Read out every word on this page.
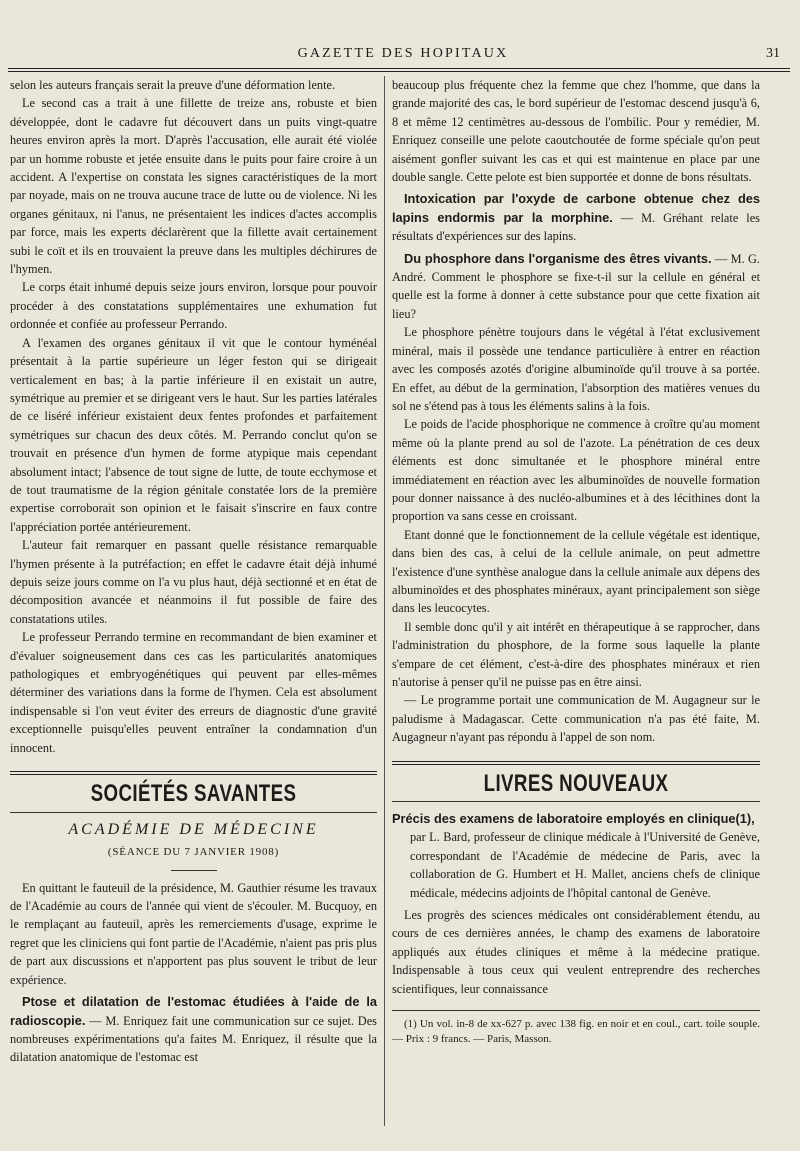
GAZETTE DES HOPITAUX	31

selon les auteurs français serait la preuve d'une déformation lente.

Le second cas a trait à une fillette de treize ans, robuste et bien développée, dont le cadavre fut découvert dans un puits vingt-quatre heures environ après la mort. D'après l'accusation, elle aurait été violée par un homme robuste et jetée ensuite dans le puits pour faire croire à un accident. A l'expertise on constata les signes caractéristiques de la mort par noyade, mais on ne trouva aucune trace de lutte ou de violence. Ni les organes génitaux, ni l'anus, ne présentaient les indices d'actes accomplis par force, mais les experts déclarèrent que la fillette avait certainement subi le coït et ils en trouvaient la preuve dans les multiples déchirures de l'hymen.

Le corps était inhumé depuis seize jours environ, lorsque pour pouvoir procéder à des constatations supplémentaires une exhumation fut ordonnée et confiée au professeur Perrando.

A l'examen des organes génitaux il vit que le contour hyménéal présentait à la partie supérieure un léger feston qui se dirigeait verticalement en bas; à la partie inférieure il en existait un autre, symétrique au premier et se dirigeant vers le haut. Sur les parties latérales de ce liséré inférieur existaient deux fentes profondes et parfaitement symétriques sur chacun des deux côtés. M. Perrando conclut qu'on se trouvait en présence d'un hymen de forme atypique mais cependant absolument intact; l'absence de tout signe de lutte, de toute ecchymose et de tout traumatisme de la région génitale constatée lors de la première expertise corroborait son opinion et le faisait s'inscrire en faux contre l'appréciation portée antérieurement.

L'auteur fait remarquer en passant quelle résistance remarquable l'hymen présente à la putréfaction; en effet le cadavre était déjà inhumé depuis seize jours comme on l'a vu plus haut, déjà sectionné et en état de décomposition avancée et néanmoins il fut possible de faire des constatations utiles.

Le professeur Perrando termine en recommandant de bien examiner et d'évaluer soigneusement dans ces cas les particularités anatomiques pathologiques et embryogénétiques qui peuvent par elles-mêmes déterminer des variations dans la forme de l'hymen. Cela est absolument indispensable si l'on veut éviter des erreurs de diagnostic d'une gravité exceptionnelle puisqu'elles peuvent entraîner la condamnation d'un innocent.

SOCIÉTÉS SAVANTES
ACADÉMIE DE MÉDECINE
(SÉANCE DU 7 JANVIER 1908)

En quittant le fauteuil de la présidence, M. Gauthier résume les travaux de l'Académie au cours de l'année qui vient de s'écouler. M. Bucquoy, en le remplaçant au fauteuil, après les remerciements d'usage, exprime le regret que les cliniciens qui font partie de l'Académie, n'aient pas pris plus de part aux discussions et n'apportent pas plus souvent le tribut de leur expérience.

Ptose et dilatation de l'estomac étudiées à l'aide de la radioscopie. — M. Enriquez fait une communication sur ce sujet. Des nombreuses expérimentations qu'a faites M. Enriquez, il résulte que la dilatation anatomique de l'estomac est

beaucoup plus fréquente chez la femme que chez l'homme, que dans la grande majorité des cas, le bord supérieur de l'estomac descend jusqu'à 6, 8 et même 12 centimètres au-dessous de l'ombilic. Pour y remédier, M. Enriquez conseille une pelote caoutchoutée de forme spéciale qu'on peut aisément gonfler suivant les cas et qui est maintenue en place par une double sangle. Cette pelote est bien supportée et donne de bons résultats.

Intoxication par l'oxyde de carbone obtenue chez des lapins endormis par la morphine. — M. Gréhant relate les résultats d'expériences sur des lapins.

Du phosphore dans l'organisme des êtres vivants. — M. G. André. Comment le phosphore se fixe-t-il sur la cellule en général et quelle est la forme à donner à cette substance pour que cette fixation ait lieu?

Le phosphore pénètre toujours dans le végétal à l'état exclusivement minéral, mais il possède une tendance particulière à entrer en réaction avec les composés azotés d'origine albuminoïde qu'il trouve à sa portée. En effet, au début de la germination, l'absorption des matières venues du sol ne s'étend pas à tous les éléments salins à la fois.

Le poids de l'acide phosphorique ne commence à croître qu'au moment même où la plante prend au sol de l'azote. La pénétration de ces deux éléments est donc simultanée et le phosphore minéral entre immédiatement en réaction avec les albuminoïdes de nouvelle formation pour donner naissance à des nucléo-albumines et à des lécithines dont la proportion va sans cesse en croissant.

Etant donné que le fonctionnement de la cellule végétale est identique, dans bien des cas, à celui de la cellule animale, on peut admettre l'existence d'une synthèse analogue dans la cellule animale aux dépens des albuminoïdes et des phosphates minéraux, ayant principalement son siège dans les leucocytes.

Il semble donc qu'il y ait intérêt en thérapeutique à se rapprocher, dans l'administration du phosphore, de la forme sous laquelle la plante s'empare de cet élément, c'est-à-dire des phosphates minéraux et rien n'autorise à penser qu'il ne puisse pas en être ainsi.

— Le programme portait une communication de M. Augagneur sur le paludisme à Madagascar. Cette communication n'a pas été faite, M. Augagneur n'ayant pas répondu à l'appel de son nom.

LIVRES NOUVEAUX

Précis des examens de laboratoire employés en clinique(1),

par L. Bard, professeur de clinique médicale à l'Université de Genève, correspondant de l'Académie de médecine de Paris, avec la collaboration de G. Humbert et H. Mallet, anciens chefs de clinique médicale, médecins adjoints de l'hôpital cantonal de Genève.

Les progrès des sciences médicales ont considérablement étendu, au cours de ces dernières années, le champ des examens de laboratoire appliqués aux études cliniques et même à la médecine pratique. Indispensable à tous ceux qui veulent entreprendre des recherches scientifiques, leur connaissance

(1) Un vol. in-8 de xx-627 p. avec 138 fig. en noir et en coul., cart. toile souple. — Prix : 9 francs. — Paris, Masson.
